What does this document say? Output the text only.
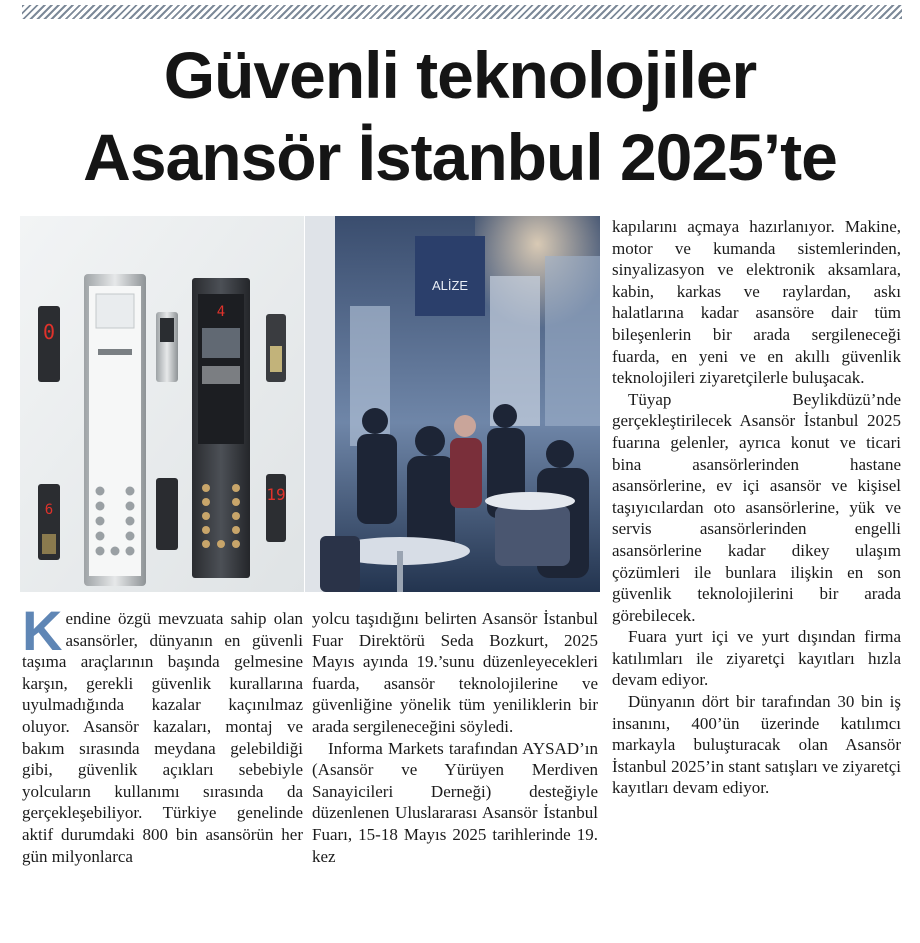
Güvenli teknolojiler
Asansör İstanbul 2025’te
0
4
6
19
ALİZE

Kendine özgü mevzuata sahip olan asansörler, dünyanın en güvenli taşıma araçlarının başında gelmesine karşın, gerekli güvenlik kurallarına uyulmadığında kazalar kaçınılmaz oluyor. Asansör kazaları, montaj ve bakım sırasında meydana gelebildiği gibi, güvenlik açıkları sebebiyle yolcuların kullanımı sırasında da gerçekleşebiliyor. Türkiye genelinde aktif durumdaki 800 bin asansörün her gün milyonlarca

yolcu taşıdığını belirten Asansör İstanbul Fuar Direktörü Seda Bozkurt, 2025 Mayıs ayında 19.’sunu düzenleyecekleri fuarda, asansör teknolojilerine ve güvenliğine yönelik tüm yeniliklerin bir arada sergileneceğini söyledi.

Informa Markets tarafından AYSAD’ın (Asansör ve Yürüyen Merdiven Sanayicileri Derneği) desteğiyle düzenlenen Uluslararası Asansör İstanbul Fuarı, 15-18 Mayıs 2025 tarihlerinde 19. kez

kapılarını açmaya hazırlanıyor. Makine, motor ve kumanda sistemlerinden, sinyalizasyon ve elektronik aksamlara, kabin, karkas ve raylardan, askı halatlarına kadar asansöre dair tüm bileşenlerin bir arada sergileneceği fuarda, en yeni ve en akıllı güvenlik teknolojileri ziyaretçilerle buluşacak.

Tüyap Beylikdüzü’nde gerçekleştirilecek Asansör İstanbul 2025 fuarına gelenler, ayrıca konut ve ticari bina asansörlerinden hastane asansörlerine, ev içi asansör ve kişisel taşıyıcılardan oto asansörlerine, yük ve servis asansörlerinden engelli asansörlerine kadar dikey ulaşım çözümleri ile bunlara ilişkin en son güvenlik teknolojilerini bir arada görebilecek.

Fuara yurt içi ve yurt dışından firma katılımları ile ziyaretçi kayıtları hızla devam ediyor.

Dünyanın dört bir tarafından 30 bin iş insanını, 400’ün üzerinde katılımcı markayla buluşturacak olan Asansör İstanbul 2025’in stant satışları ve ziyaretçi kayıtları devam ediyor.
